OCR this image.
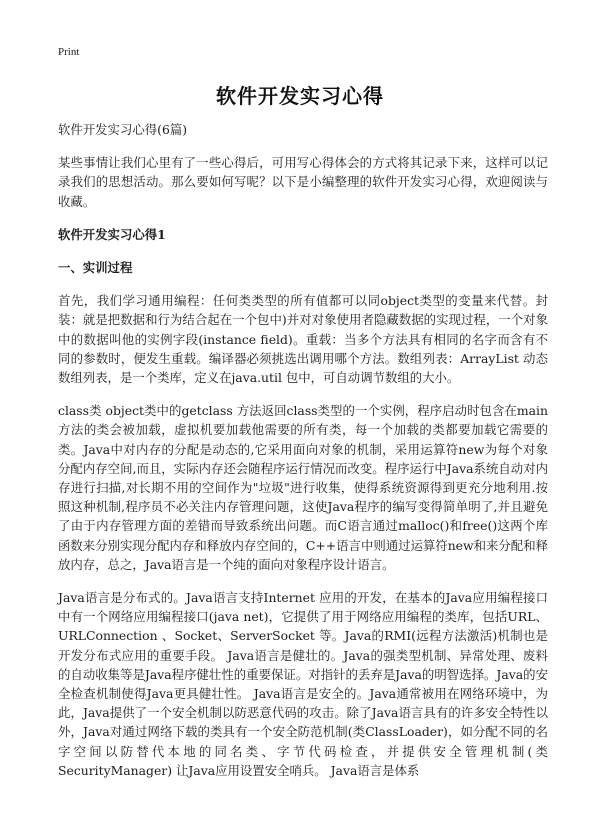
Print
软件开发实习心得

软件开发实习心得(6篇)

某些事情让我们心里有了一些心得后，可用写心得体会的方式将其记录下来，这样可以记录我们的思想活动。那么要如何写呢？以下是小编整理的软件开发实习心得，欢迎阅读与收藏。

软件开发实习心得1

一、实训过程

首先，我们学习通用编程：任何类类型的所有值都可以同object类型的变量来代替。封装：就是把数据和行为结合起在一个包中)并对对象使用者隐藏数据的实现过程，一个对象中的数据叫他的实例字段(instance field)。重载：当多个方法具有相同的名字而含有不同的参数时，便发生重载。编译器必须挑选出调用哪个方法。数组列表：ArrayList 动态数组列表，是一个类库，定义在java.util 包中，可自动调节数组的大小。

class类 object类中的getclass 方法返回class类型的一个实例，程序启动时包含在main方法的类会被加载，虚拟机要加载他需要的所有类，每一个加载的类都要加载它需要的类。Java中对内存的分配是动态的,它采用面向对象的机制，采用运算符new为每个对象分配内存空间,而且，实际内存还会随程序运行情况而改变。程序运行中Java系统自动对内存进行扫描,对长期不用的空间作为"垃圾"进行收集，使得系统资源得到更充分地利用.按照这种机制,程序员不必关注内存管理问题，这使Java程序的编写变得简单明了,并且避免了由于内存管理方面的差错而导致系统出问题。而C语言通过malloc()和free()这两个库函数来分别实现分配内存和释放内存空间的，C++语言中则通过运算符new和来分配和释放内存，总之，Java语言是一个纯的面向对象程序设计语言。

Java语言是分布式的。Java语言支持Internet 应用的开发，在基本的Java应用编程接口中有一个网络应用编程接口(java net)，它提供了用于网络应用编程的类库，包括URL、URLConnection 、Socket、ServerSocket 等。Java的RMI(远程方法激活)机制也是开发分布式应用的重要手段。 Java语言是健壮的。Java的强类型机制、异常处理、废料的自动收集等是Java程序健壮性的重要保证。对指针的丢弃是Java的明智选择。Java的安全检查机制使得Java更具健壮性。 Java语言是安全的。Java通常被用在网络环境中，为此，Java提供了一个安全机制以防恶意代码的攻击。除了Java语言具有的许多安全特性以外，Java对通过网络下载的类具有一个安全防范机制(类ClassLoader)，如分配不同的名字空间以防替代本地的同名类、字节代码检查，并提供安全管理机制(类SecurityManager) 让Java应用设置安全哨兵。 Java语言是体系
